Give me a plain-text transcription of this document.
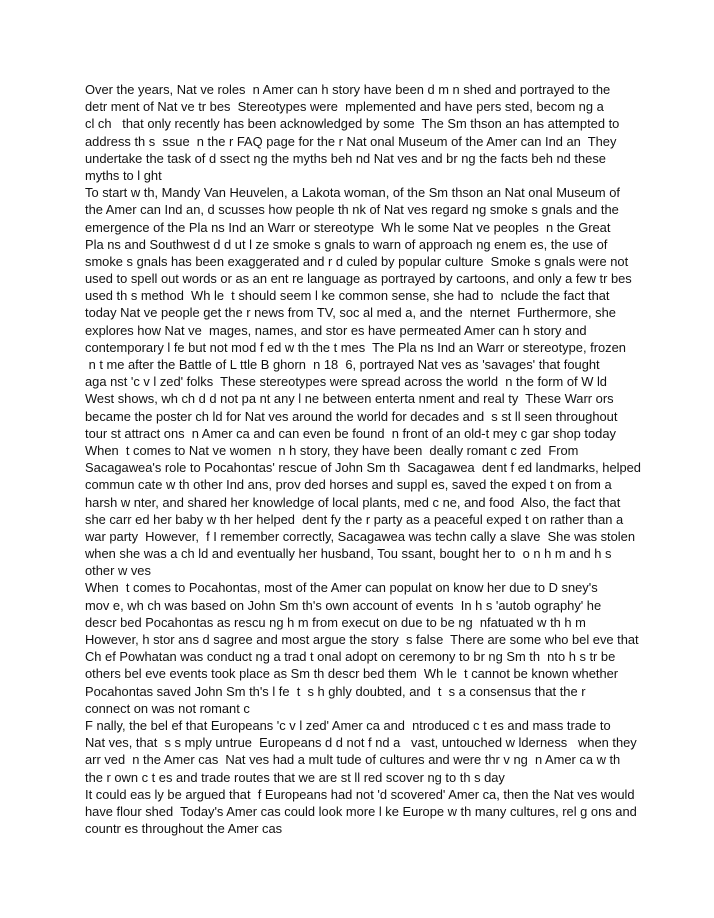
Over the years, Nat ve roles  n Amer can h story have been d m n shed and portrayed to the
detr ment of Nat ve tr bes  Stereotypes were  mplemented and have pers sted, becom ng a
cl ch   that only recently has been acknowledged by some  The Sm thson an has attempted to
address th s  ssue  n the r FAQ page for the r Nat onal Museum of the Amer can Ind an  They
undertake the task of d ssect ng the myths beh nd Nat ves and br ng the facts beh nd these
myths to l ght
To start w th, Mandy Van Heuvelen, a Lakota woman, of the Sm thson an Nat onal Museum of
the Amer can Ind an, d scusses how people th nk of Nat ves regard ng smoke s gnals and the
emergence of the Pla ns Ind an Warr or stereotype  Wh le some Nat ve peoples  n the Great
Pla ns and Southwest d d ut l ze smoke s gnals to warn of approach ng enem es, the use of
smoke s gnals has been exaggerated and r d culed by popular culture  Smoke s gnals were not
used to spell out words or as an ent re language as portrayed by cartoons, and only a few tr bes
used th s method  Wh le  t should seem l ke common sense, she had to  nclude the fact that
today Nat ve people get the r news from TV, soc al med a, and the  nternet  Furthermore, she
explores how Nat ve  mages, names, and stor es have permeated Amer can h story and
contemporary l fe but not mod f ed w th the t mes  The Pla ns Ind an Warr or stereotype, frozen
n t me after the Battle of L ttle B ghorn  n 18  6, portrayed Nat ves as 'savages' that fought
aga nst 'c v l zed' folks  These stereotypes were spread across the world  n the form of W ld
West shows, wh ch d d not pa nt any l ne between enterta nment and real ty  These Warr ors
became the poster ch ld for Nat ves around the world for decades and  s st ll seen throughout
tour st attract ons  n Amer ca and can even be found  n front of an old-t mey c gar shop today
When  t comes to Nat ve women  n h story, they have been  deally romant c zed  From
Sacagawea's role to Pocahontas' rescue of John Sm th  Sacagawea  dent f ed landmarks, helped
commun cate w th other Ind ans, prov ded horses and suppl es, saved the exped t on from a
harsh w nter, and shared her knowledge of local plants, med c ne, and food  Also, the fact that
she carr ed her baby w th her helped  dent fy the r party as a peaceful exped t on rather than a
war party  However,  f I remember correctly, Sacagawea was techn cally a slave  She was stolen
when she was a ch ld and eventually her husband, Tou ssant, bought her to  o n h m and h s
other w ves
When  t comes to Pocahontas, most of the Amer can populat on know her due to D sney's
mov e, wh ch was based on John Sm th's own account of events  In h s 'autob ography' he
descr bed Pocahontas as rescu ng h m from execut on due to be ng  nfatuated w th h m
However, h stor ans d sagree and most argue the story  s false  There are some who bel eve that
Ch ef Powhatan was conduct ng a trad t onal adopt on ceremony to br ng Sm th  nto h s tr be
others bel eve events took place as Sm th descr bed them  Wh le  t cannot be known whether
Pocahontas saved John Sm th's l fe  t  s h ghly doubted, and  t  s a consensus that the r
connect on was not romant c
F nally, the bel ef that Europeans 'c v l zed' Amer ca and  ntroduced c t es and mass trade to
Nat ves, that  s s mply untrue  Europeans d d not f nd a   vast, untouched w lderness   when they
arr ved  n the Amer cas  Nat ves had a mult tude of cultures and were thr v ng  n Amer ca w th
the r own c t es and trade routes that we are st ll red scover ng to th s day
It could eas ly be argued that  f Europeans had not 'd scovered' Amer ca, then the Nat ves would
have flour shed  Today's Amer cas could look more l ke Europe w th many cultures, rel g ons and
countr es throughout the Amer cas
